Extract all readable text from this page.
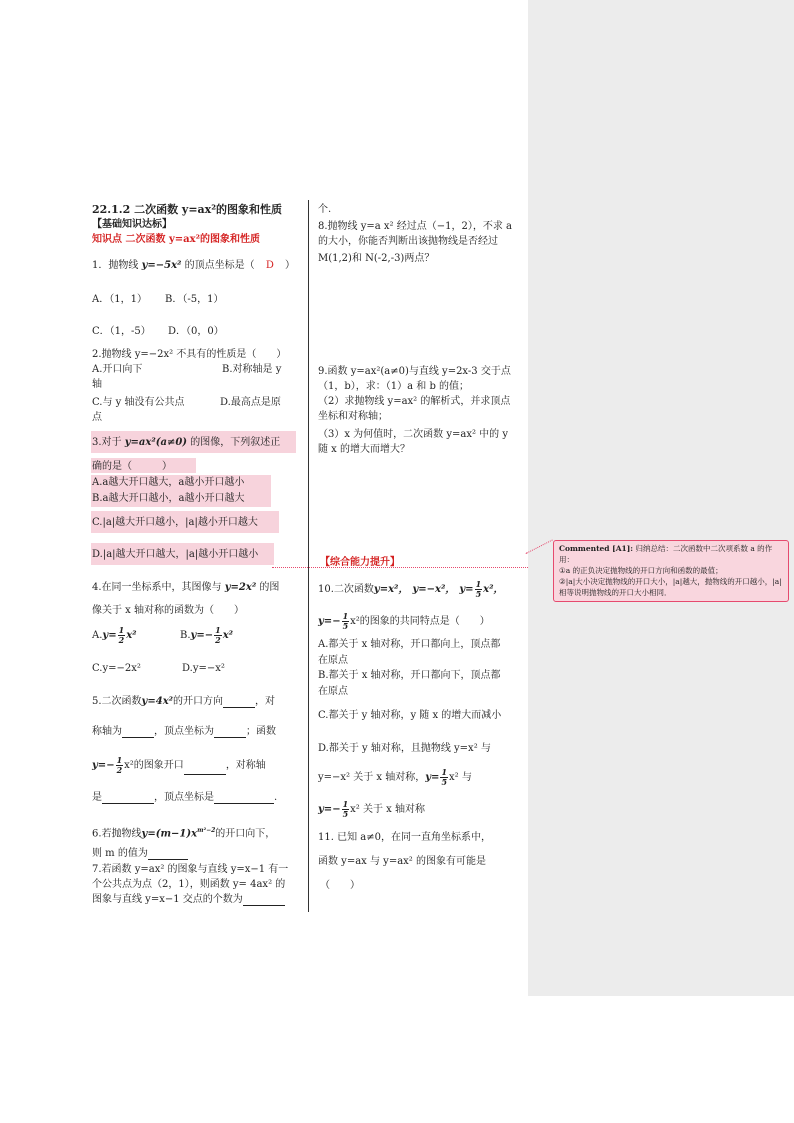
22.1.2 二次函数 y=ax²的图象和性质
【基础知识达标】
知识点 二次函数 y=ax²的图象和性质
1．抛物线 y=−5x² 的顶点坐标是（ D ）
A．（1，1） B．（-5，1）
C．（1，-5） D．（0，0）
2.抛物线 y=−2x² 不具有的性质是（　　）
A.开口向下	B.对称轴是 y
轴
C.与 y 轴没有公共点	D.最高点是原
点
3.对于 y=ax²(a≠0) 的图像，下列叙述正
确的是（　　　）
A.a越大开口越大，a越小开口越小
B.a越大开口越小，a越小开口越大
C.|a|越大开口越小，|a|越小开口越大
D.|a|越大开口越大，|a|越小开口越小
4.在同一坐标系中，其图像与 y=2x² 的图
像关于 x 轴对称的函数为（　　）
$A.y= \frac{1}{2} x^2$	$B.y=- \frac{1}{2} x^2$
C.y=−2x²	D.y=−x²
5.二次函数y=4x²的开口方向	，对
称轴为	，顶点坐标为	；函数
$y=- \frac{1}{2} x^2$的图象开口	，对称轴
是	，顶点坐标是	.
6.若抛物线$y=(m-1)x^{m^2-2}$的开口向下，
则 m 的值为
7.若函数 y=ax² 的图象与直线 y=x−1 有一
个公共点为点（2，1），则函数 y= 4ax² 的
图象与直线 y=x−1 交点的个数为
个.
8.抛物线 y=a x² 经过点（−1，2），不求 a
的大小，你能否判断出该抛物线是否经过
M(1,2)和 N(-2,-3)两点？
9.函数 y=ax²(a≠0)与直线 y=2x-3 交于点
（1，b），求：（1）a 和 b 的值；
（2）求抛物线 y=ax² 的解析式，并求顶点
坐标和对称轴；
（3）x 为何值时，二次函数 y=ax² 中的 y
随 x 的增大而增大？
【综合能力提升】
10.二次函数y=x²， y=−x²， $y= \frac{1}{5} x^2$，
$y=- \frac{1}{5} x^2$的图象的共同特点是（　　）
A.都关于 x 轴对称，开口都向上，顶点都
在原点
B.都关于 x 轴对称，开口都向下，顶点都
在原点
C.都关于 y 轴对称，y 随 x 的增大而减小
D.都关于 y 轴对称，且抛物线 y=x² 与
y=−x² 关于 x 轴对称，$y= \frac{1}{5} x^2$ 与
$y=- \frac{1}{5} x^2$ 关于 x 轴对称
11. 已知 a≠0，在同一直角坐标系中，
函数 y=ax 与 y=ax² 的图象有可能是
（　　）
Commented [A1]: 归纳总结：二次函数中二次项系数 a 的作用：
①a 的正负决定抛物线的开口方向和函数的最值；
②|a|大小决定抛物线的开口大小，|a|越大，抛物线的开口越小，|a|相等说明抛物线的开口大小相同．
